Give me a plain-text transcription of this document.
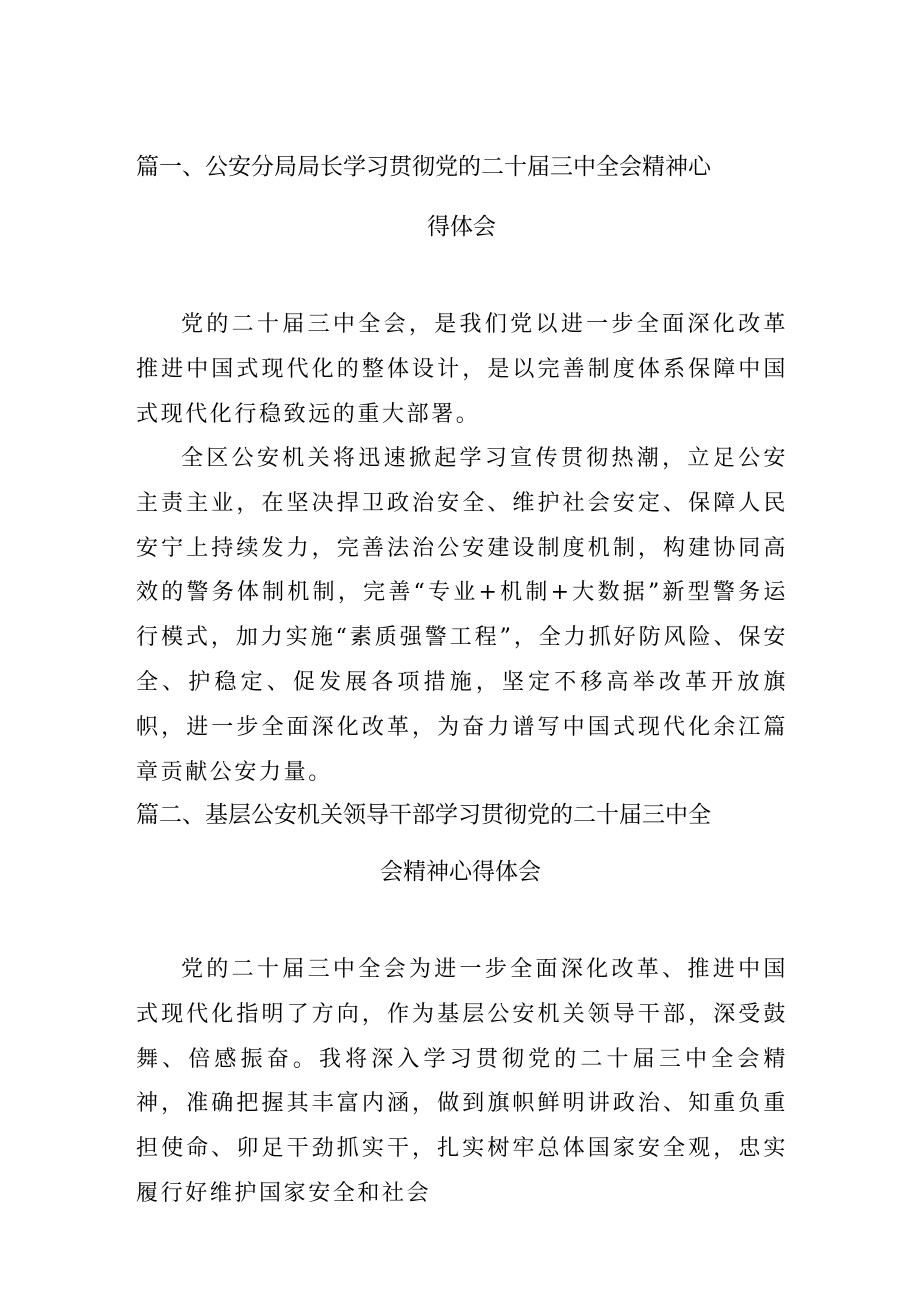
篇一、公安分局局长学习贯彻党的二十届三中全会精神心
得体会

党的二十届三中全会，是我们党以进一步全面深化改革推进中国式现代化的整体设计，是以完善制度体系保障中国式现代化行稳致远的重大部署。

全区公安机关将迅速掀起学习宣传贯彻热潮，立足公安主责主业，在坚决捍卫政治安全、维护社会安定、保障人民安宁上持续发力，完善法治公安建设制度机制，构建协同高效的警务体制机制，完善“专业+机制+大数据”新型警务运行模式，加力实施“素质强警工程”，全力抓好防风险、保安全、护稳定、促发展各项措施，坚定不移高举改革开放旗帜，进一步全面深化改革，为奋力谱写中国式现代化余江篇章贡献公安力量。

篇二、基层公安机关领导干部学习贯彻党的二十届三中全
会精神心得体会

党的二十届三中全会为进一步全面深化改革、推进中国式现代化指明了方向，作为基层公安机关领导干部，深受鼓舞、倍感振奋。我将深入学习贯彻党的二十届三中全会精神，准确把握其丰富内涵，做到旗帜鲜明讲政治、知重负重担使命、卯足干劲抓实干，扎实树牢总体国家安全观，忠实履行好维护国家安全和社会
